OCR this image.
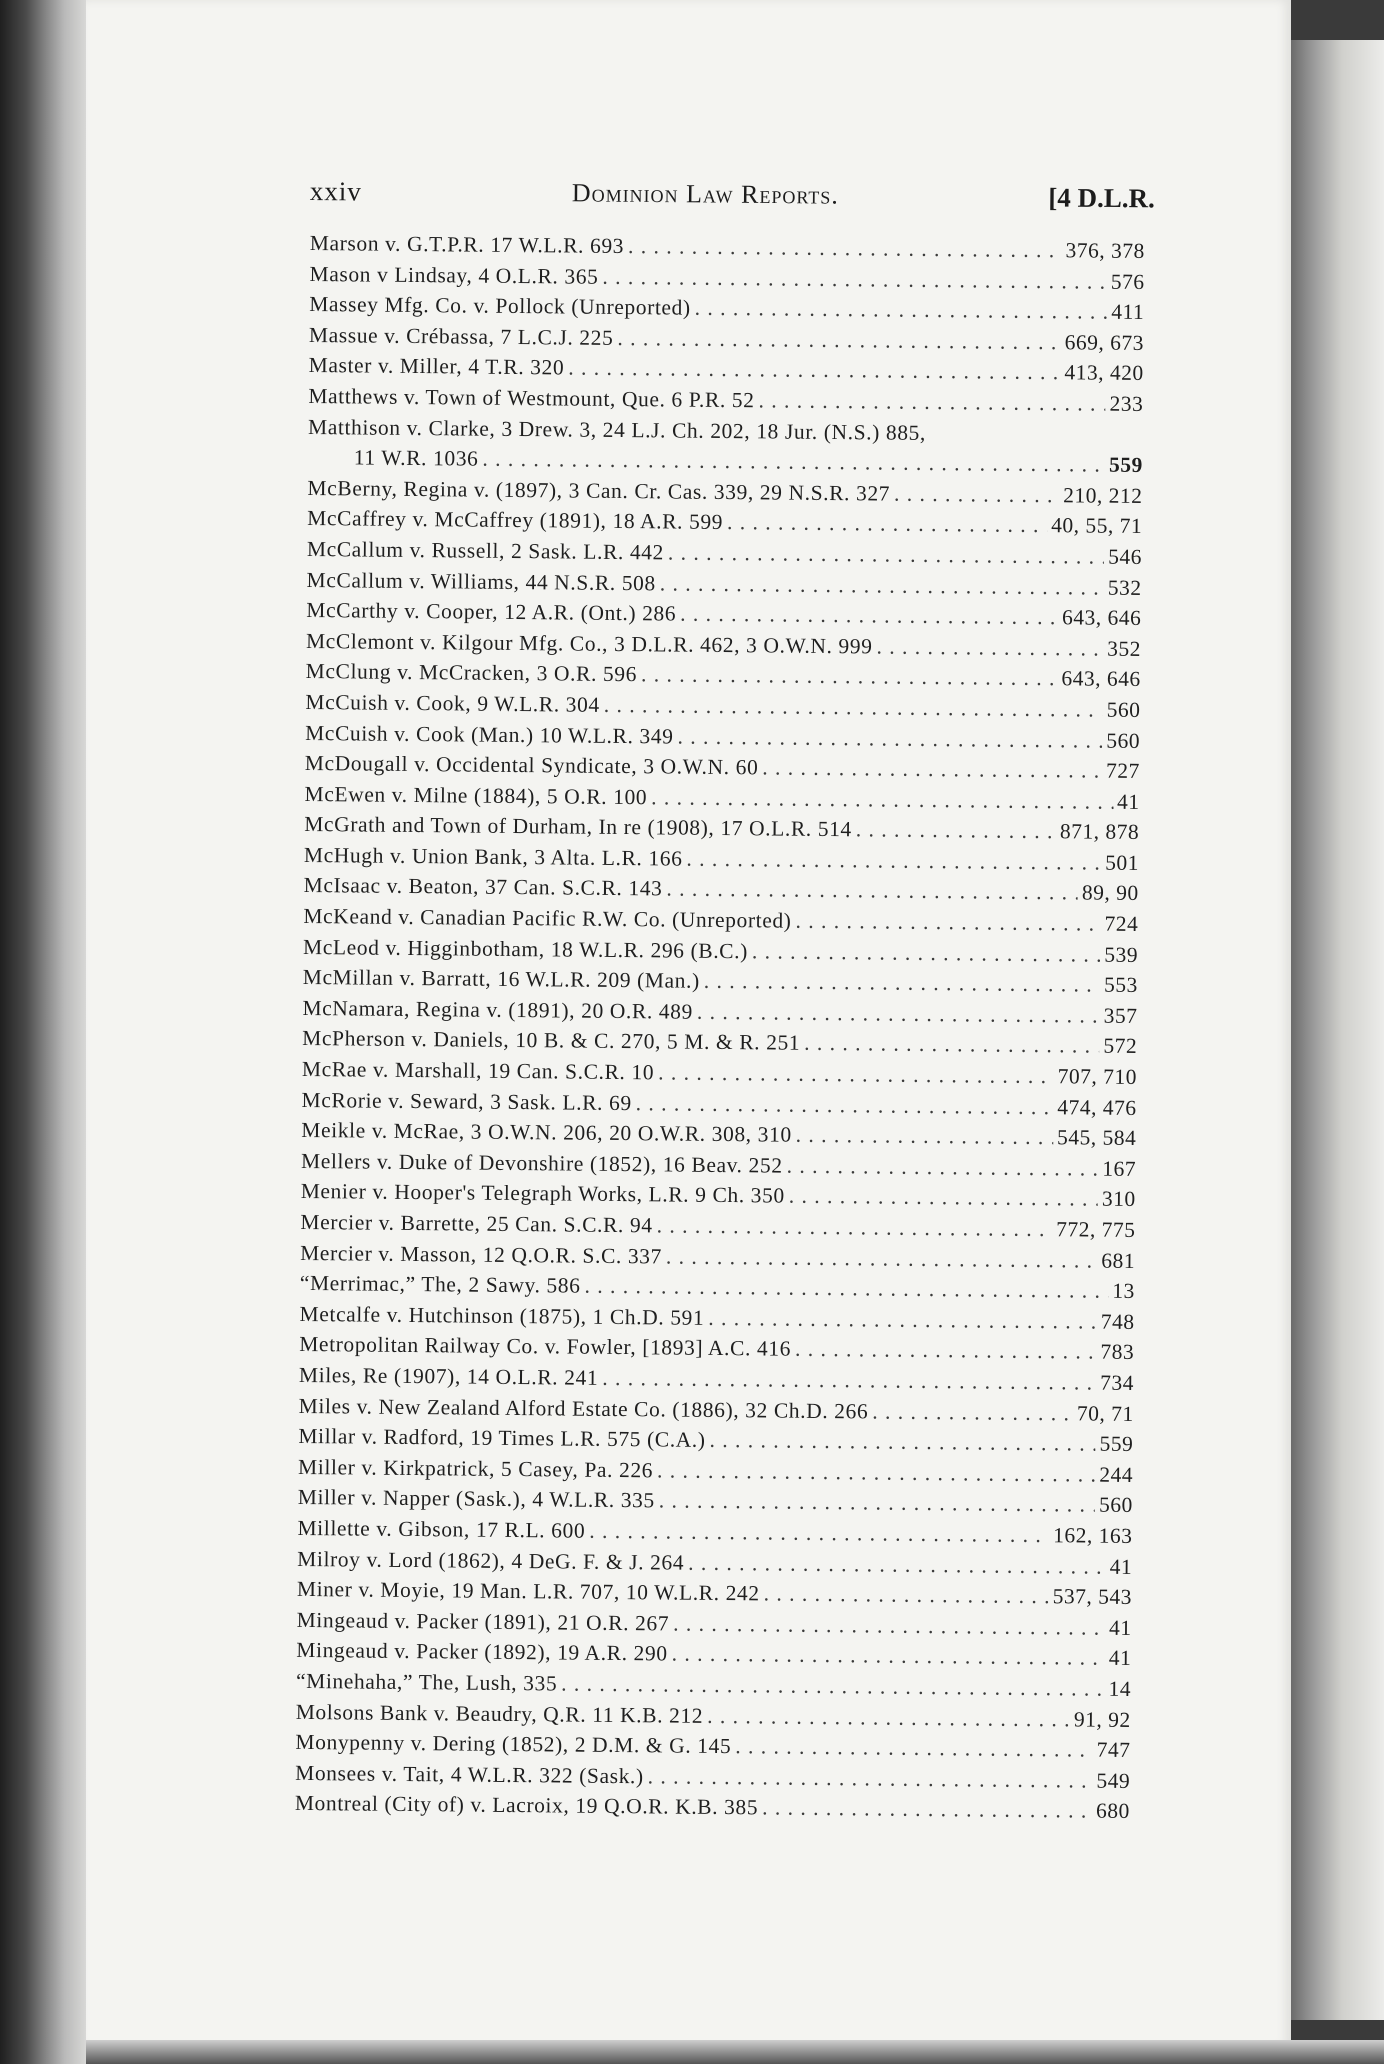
xxiv	Dominion Law Reports.	[4 D.L.R.
Marson v. G.T.P.R. 17 W.L.R. 693 . . .	376, 378
Mason v Lindsay, 4 O.L.R. 365 . . .	576
Massey Mfg. Co. v. Pollock (Unreported) . . .	411
Massue v. Crébassa, 7 L.C.J. 225 . . .	669, 673
Master v. Miller, 4 T.R. 320 . . .	413, 420
Matthews v. Town of Westmount, Que. 6 P.R. 52 . . .	233
Matthison v. Clarke, 3 Drew. 3, 24 L.J. Ch. 202, 18 Jur. (N.S.) 885,
11 W.R. 1036 . . .	559
McBerny, Regina v. (1897), 3 Can. Cr. Cas. 339, 29 N.S.R. 327 . . .	210, 212
McCaffrey v. McCaffrey (1891), 18 A.R. 599 . . .	40, 55, 71
McCallum v. Russell, 2 Sask. L.R. 442 . . .	546
McCallum v. Williams, 44 N.S.R. 508 . . .	532
McCarthy v. Cooper, 12 A.R. (Ont.) 286 . . .	643, 646
McClemont v. Kilgour Mfg. Co., 3 D.L.R. 462, 3 O.W.N. 999 . . .	352
McClung v. McCracken, 3 O.R. 596 . . .	643, 646
McCuish v. Cook, 9 W.L.R. 304 . . .	560
McCuish v. Cook (Man.) 10 W.L.R. 349 . . .	560
McDougall v. Occidental Syndicate, 3 O.W.N. 60 . . .	727
McEwen v. Milne (1884), 5 O.R. 100 . . .	41
McGrath and Town of Durham, In re (1908), 17 O.L.R. 514 . . .	871, 878
McHugh v. Union Bank, 3 Alta. L.R. 166 . . .	501
McIsaac v. Beaton, 37 Can. S.C.R. 143 . . .	89, 90
McKeand v. Canadian Pacific R.W. Co. (Unreported) . . .	724
McLeod v. Higginbotham, 18 W.L.R. 296 (B.C.) . . .	539
McMillan v. Barratt, 16 W.L.R. 209 (Man.) . . .	553
McNamara, Regina v. (1891), 20 O.R. 489 . . .	357
McPherson v. Daniels, 10 B. & C. 270, 5 M. & R. 251 . . .	572
McRae v. Marshall, 19 Can. S.C.R. 10 . . .	707, 710
McRorie v. Seward, 3 Sask. L.R. 69 . . .	474, 476
Meikle v. McRae, 3 O.W.N. 206, 20 O.W.R. 308, 310 . . .	545, 584
Mellers v. Duke of Devonshire (1852), 16 Beav. 252 . . .	167
Menier v. Hooper's Telegraph Works, L.R. 9 Ch. 350 . . .	310
Mercier v. Barrette, 25 Can. S.C.R. 94 . . .	772, 775
Mercier v. Masson, 12 Q.O.R. S.C. 337 . . .	681
“Merrimac,” The, 2 Sawy. 586 . . .	13
Metcalfe v. Hutchinson (1875), 1 Ch.D. 591 . . .	748
Metropolitan Railway Co. v. Fowler, [1893] A.C. 416 . . .	783
Miles, Re (1907), 14 O.L.R. 241 . . .	734
Miles v. New Zealand Alford Estate Co. (1886), 32 Ch.D. 266 . . .	70, 71
Millar v. Radford, 19 Times L.R. 575 (C.A.) . . .	559
Miller v. Kirkpatrick, 5 Casey, Pa. 226 . . .	244
Miller v. Napper (Sask.), 4 W.L.R. 335 . . .	560
Millette v. Gibson, 17 R.L. 600 . . .	162, 163
Milroy v. Lord (1862), 4 DeG. F. & J. 264 . . .	41
Miner v. Moyie, 19 Man. L.R. 707, 10 W.L.R. 242 . . .	537, 543
Mingeaud v. Packer (1891), 21 O.R. 267 . . .	41
Mingeaud v. Packer (1892), 19 A.R. 290 . . .	41
“Minehaha,” The, Lush, 335 . . .	14
Molsons Bank v. Beaudry, Q.R. 11 K.B. 212 . . .	91, 92
Monypenny v. Dering (1852), 2 D.M. & G. 145 . . .	747
Monsees v. Tait, 4 W.L.R. 322 (Sask.) . . .	549
Montreal (City of) v. Lacroix, 19 Q.O.R. K.B. 385 . . .	680
